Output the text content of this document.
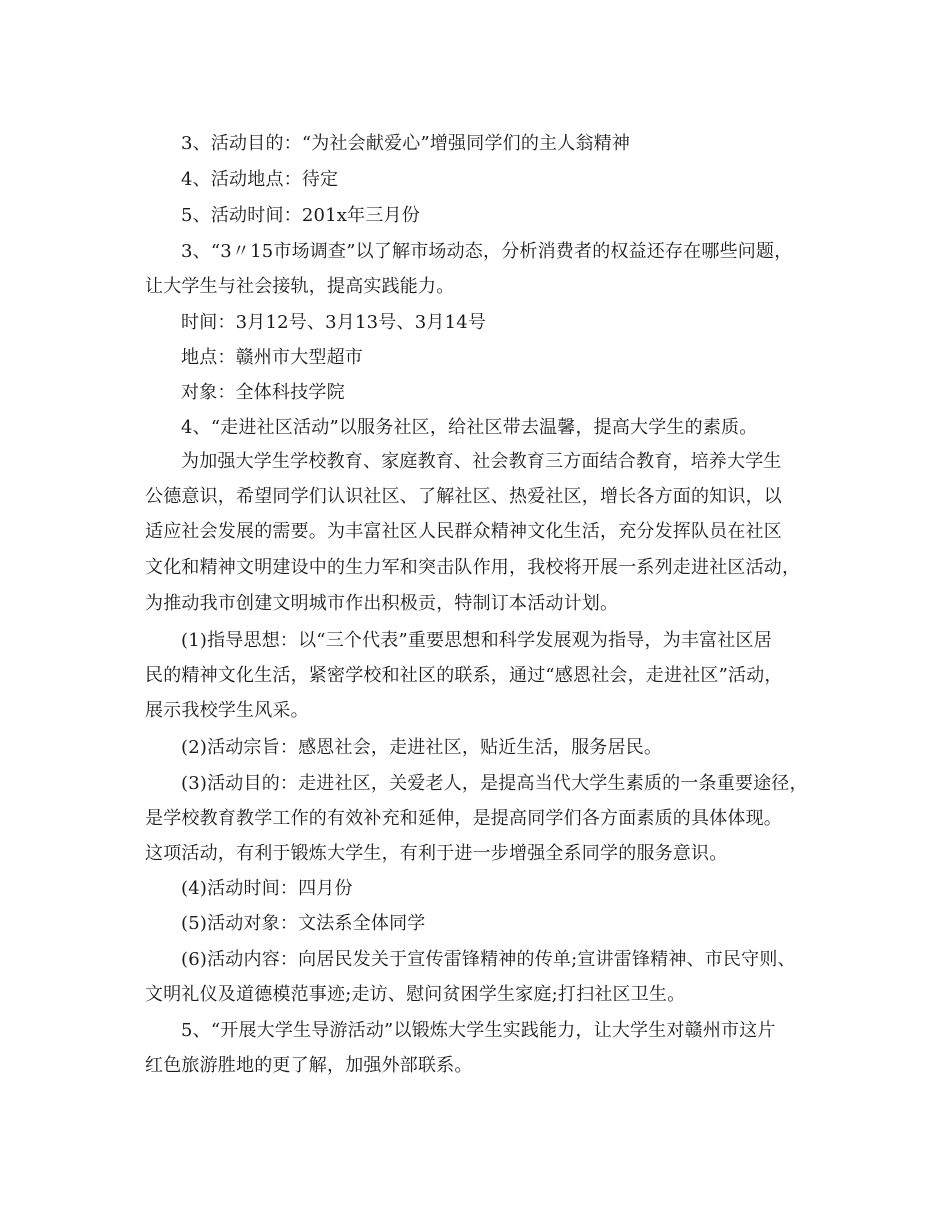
3、活动目的：“为社会献爱心”增强同学们的主人翁精神
4、活动地点：待定
5、活动时间：201x年三月份
3、“3〃15市场调查”以了解市场动态，分析消费者的权益还存在哪些问题，
让大学生与社会接轨，提高实践能力。
时间：3月12号、3月13号、3月14号
地点：赣州市大型超市
对象：全体科技学院
4、“走进社区活动”以服务社区，给社区带去温馨，提高大学生的素质。
为加强大学生学校教育、家庭教育、社会教育三方面结合教育，培养大学生
公德意识，希望同学们认识社区、了解社区、热爱社区，增长各方面的知识，以
适应社会发展的需要。为丰富社区人民群众精神文化生活，充分发挥队员在社区
文化和精神文明建设中的生力军和突击队作用，我校将开展一系列走进社区活动，
为推动我市创建文明城市作出积极贡，特制订本活动计划。
(1)指导思想：以“三个代表”重要思想和科学发展观为指导，为丰富社区居
民的精神文化生活，紧密学校和社区的联系，通过“感恩社会，走进社区”活动，
展示我校学生风采。
(2)活动宗旨：感恩社会，走进社区，贴近生活，服务居民。
(3)活动目的：走进社区，关爱老人，是提高当代大学生素质的一条重要途径，
是学校教育教学工作的有效补充和延伸，是提高同学们各方面素质的具体体现。
这项活动，有利于锻炼大学生，有利于进一步增强全系同学的服务意识。
(4)活动时间：四月份
(5)活动对象：文法系全体同学
(6)活动内容：向居民发关于宣传雷锋精神的传单;宣讲雷锋精神、市民守则、
文明礼仪及道德模范事迹;走访、慰问贫困学生家庭;打扫社区卫生。
5、“开展大学生导游活动”以锻炼大学生实践能力，让大学生对赣州市这片
红色旅游胜地的更了解，加强外部联系。
